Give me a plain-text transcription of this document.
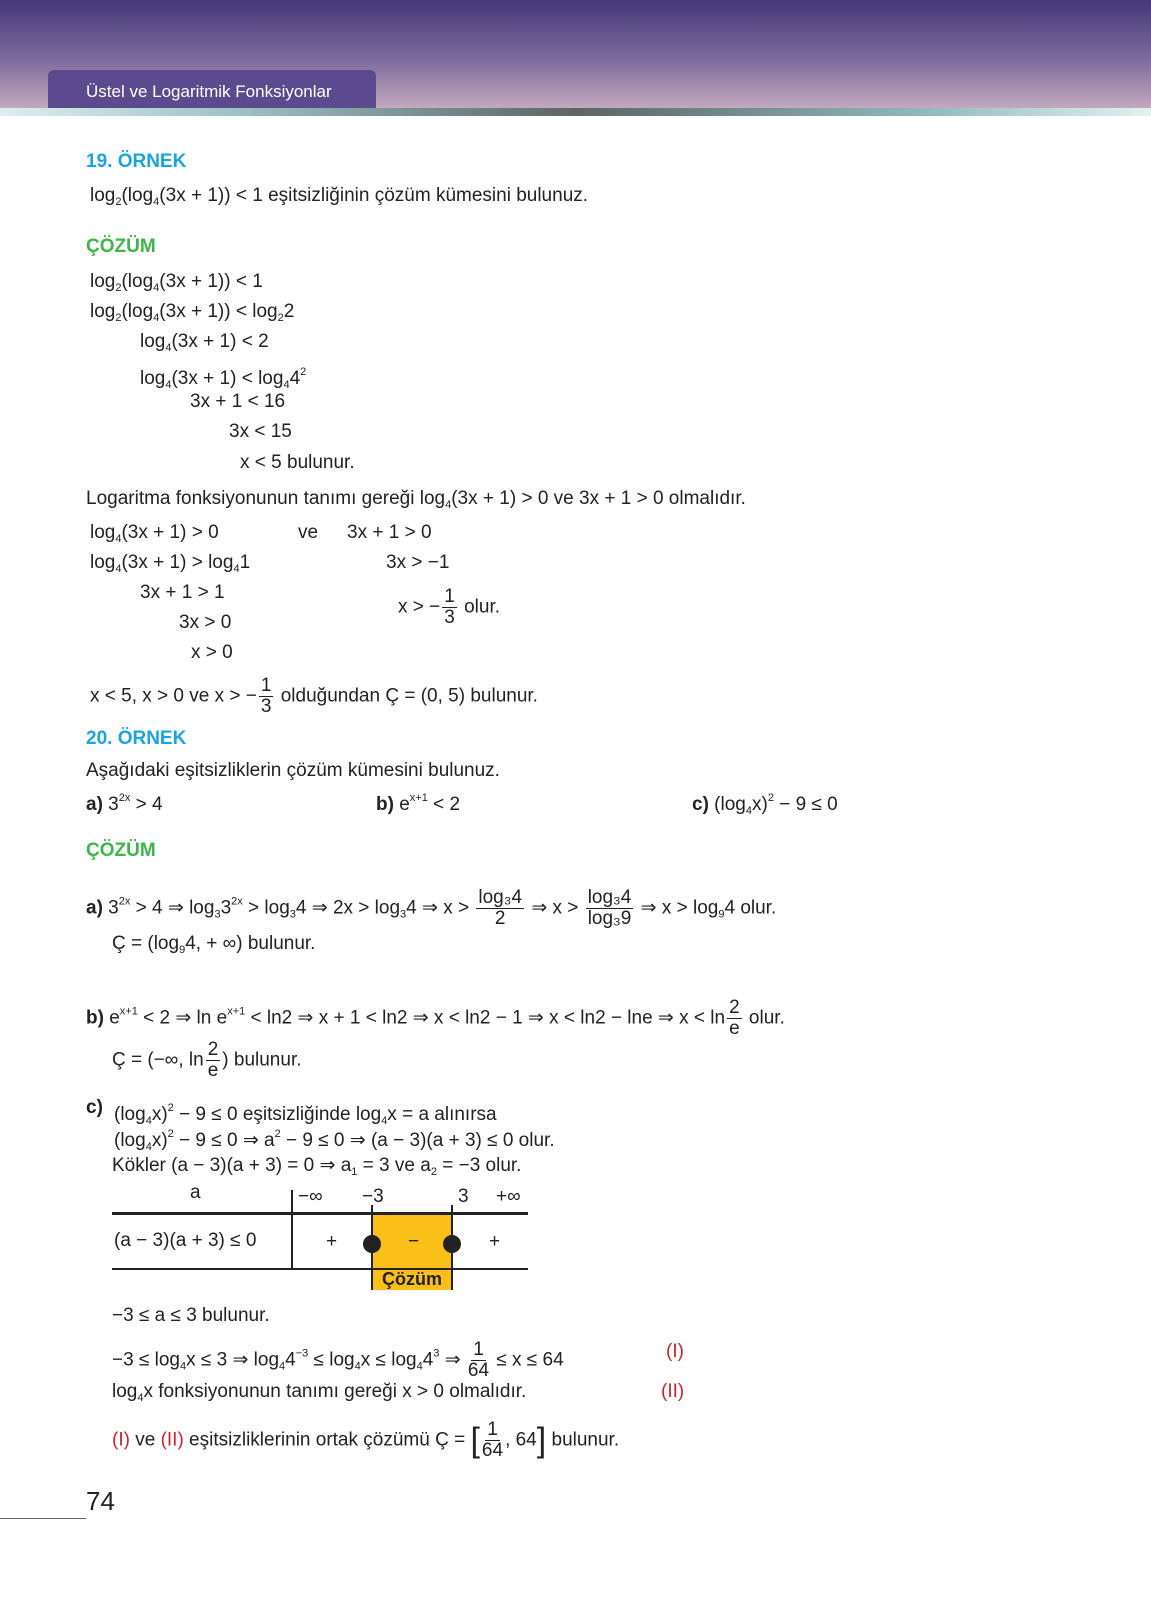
Üstel ve Logaritmik Fonksiyonlar
19. ÖRNEK
$\log_2(\log_4(3x + 1)) < 1$ eşitsizliğinin çözüm kümesini bulunuz.
ÇÖZÜM
$\log_2(\log_4(3x + 1)) < 1$
$\log_2(\log_4(3x + 1)) < \log_22$
$\log_4(3x + 1) < 2$
$\log_4(3x + 1) < \log_44^2$
3x + 1 < 16
3x < 15
x < 5 bulunur.
Logaritma fonksiyonunun tanımı gereği $\log_4(3x + 1) > 0$ ve 3x + 1 > 0 olmalıdır.
$\log_4(3x + 1) > 0$	ve 3x + 1 > 0
$\log_4(3x + 1) > \log_41$	3x > −1
3x + 1 > 1
x > − $\frac{1}{3}$ olur.
3x > 0
x > 0
x < 5, x > 0 ve x > − $\frac{1}{3}$ olduğundan Ç = (0, 5) bulunur.
20. ÖRNEK
Aşağıdaki eşitsizliklerin çözüm kümesini bulunuz.
a) $3^{2x} > 4$	b) $e^{x+1} < 2$	c) $(\log_4x)^2 - 9 \le 0$
ÇÖZÜM
a) $3^{2x} > 4$ ⇒ $\log_33^{2x} > \log_34$ ⇒ $2x > \log_34$ ⇒ $x > \frac{\text{log₃4}}{2}$ ⇒ $x > \frac{\text{log₃4}}{\text{log₃9}}$ ⇒ $x > \log_94$ olur.
Ç = ($\log_94$, + ∞) bulunur.
b) $e^{x+1} < 2$ ⇒ $\ln e^{x+1} < \ln 2$ ⇒ x + 1 < ln2 ⇒ x < ln2 − 1 ⇒ x < ln2 − lne ⇒ $x < \ln \frac{2}{e}$ olur.
Ç = (−∞, $\ln \frac{2}{e}$ ) bulunur.
c) $(\log_4x)^2 - 9 \le 0$ eşitsizliğinde $\log_4x = a$ alınırsa
$(\log_4x)^2 - 9 \le 0$ ⇒ $a^2 - 9 \le 0$ ⇒ (a − 3)(a + 3) ≤ 0 olur.
Kökler (a − 3)(a + 3) = 0 ⇒ $a_1 = 3$ ve $a_2 = -3$ olur.
a	−∞ −3	3 +∞
(a − 3)(a + 3) ≤ 0	+	−	+
Çözüm
−3 ≤ a ≤ 3 bulunur.
$-3 \le \log_4x \le 3$ ⇒ $\log_44^{-3} \le \log_4x \le \log_44^3$ ⇒ $\frac{1}{64} \le x \le 64$	(I)
$\log_4x$ fonksiyonunun tanımı gereği x > 0 olmalıdır.	(II)
(I) ve (II) eşitsizliklerinin ortak çözümü Ç = [ $\frac{1}{64}$ , 64] bulunur.
74
